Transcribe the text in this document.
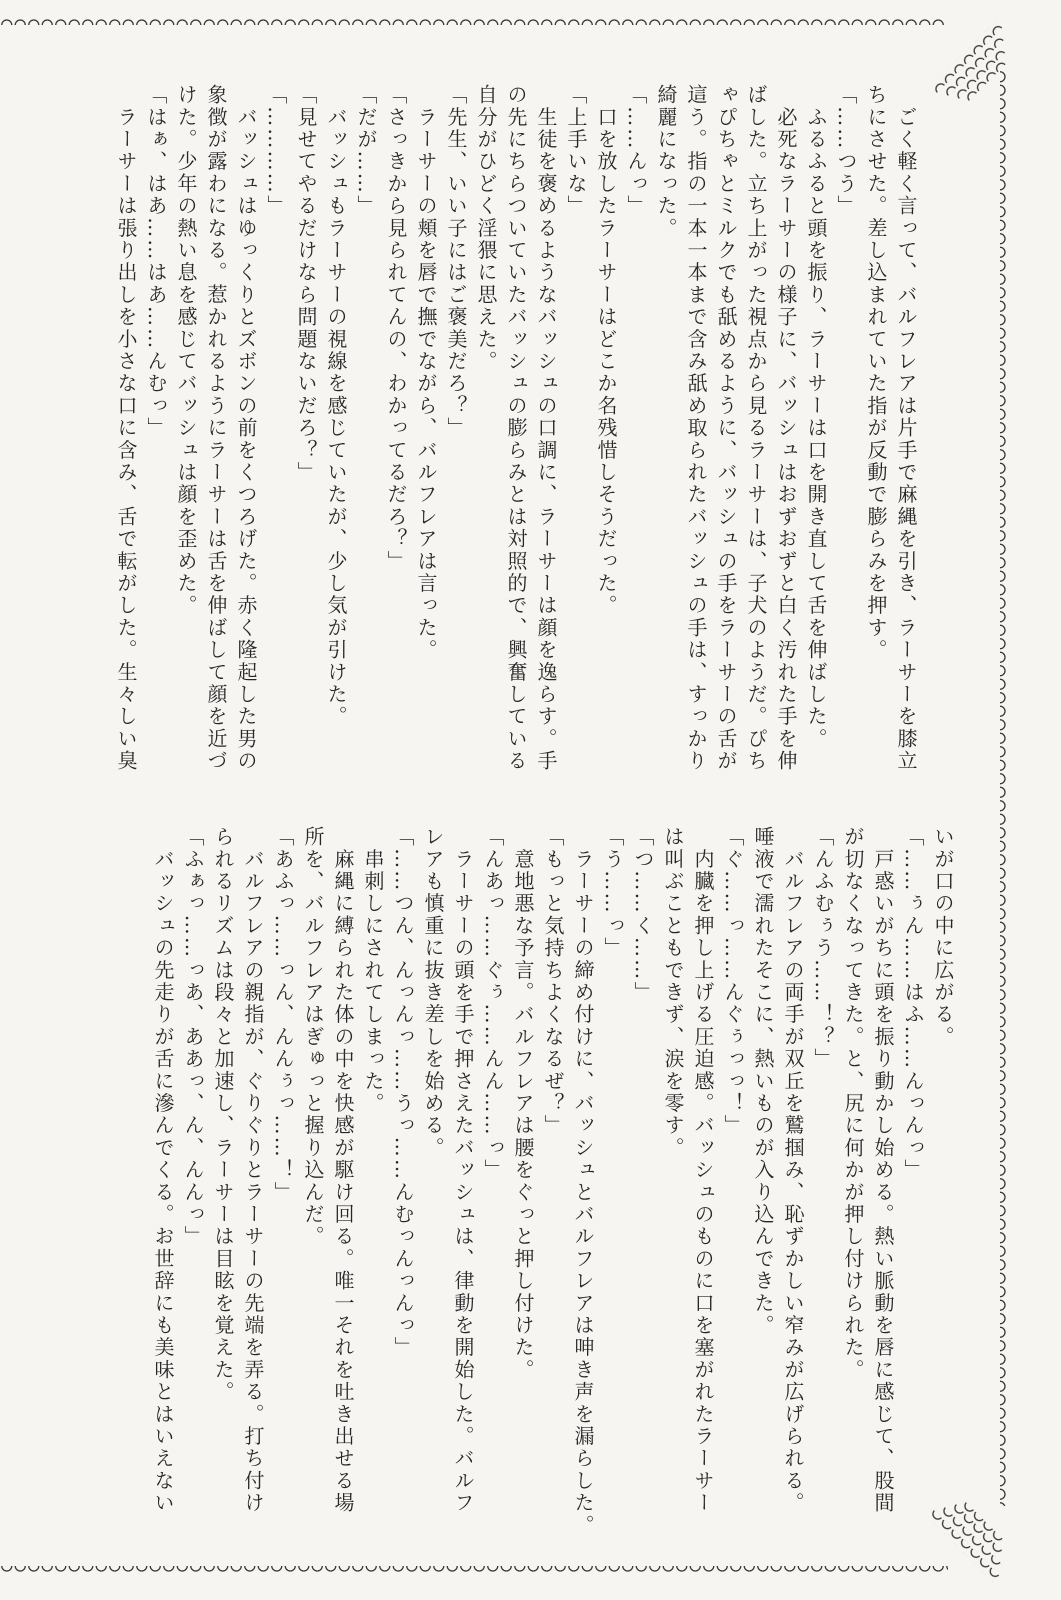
　ごく軽く言って、バルフレアは片手で麻縄を引き、ラーサーを膝立
ちにさせた。差し込まれていた指が反動で膨らみを押す。
「……つう」
　ふるふると頭を振り、ラーサーは口を開き直して舌を伸ばした。
　必死なラーサーの様子に、バッシュはおずおずと白く汚れた手を伸
ばした。立ち上がった視点から見るラーサーは、子犬のようだ。ぴち
ゃぴちゃとミルクでも舐めるように、バッシュの手をラーサーの舌が
這う。指の一本一本まで含み舐め取られたバッシュの手は、すっかり
綺麗になった。
「……んっ」
　口を放したラーサーはどこか名残惜しそうだった。
「上手いな」
　生徒を褒めるようなバッシュの口調に、ラーサーは顔を逸らす。手
の先にちらついていたバッシュの膨らみとは対照的で、興奮している
自分がひどく淫猥に思えた。
「先生、いい子にはご褒美だろ？」
　ラーサーの頬を唇で撫でながら、バルフレアは言った。
「さっきから見られてんの、わかってるだろ？」
「だが……」
　バッシュもラーサーの視線を感じていたが、少し気が引けた。
「見せてやるだけなら問題ないだろ？」
「…………」
　バッシュはゆっくりとズボンの前をくつろげた。赤く隆起した男の
象徴が露わになる。惹かれるようにラーサーは舌を伸ばして顔を近づ
けた。少年の熱い息を感じてバッシュは顔を歪めた。
「はぁ、はあ……はあ……んむっ」
　ラーサーは張り出しを小さな口に含み、舌で転がした。生々しい臭
いが口の中に広がる。
「……ぅん……はふ……んっんっ」
　戸惑いがちに頭を振り動かし始める。熱い脈動を唇に感じて、股間
が切なくなってきた。と、尻に何かが押し付けられた。
「んふむぅう……！？」
　バルフレアの両手が双丘を鷲掴み、恥ずかしい窄みが広げられる。
唾液で濡れたそこに、熱いものが入り込んできた。
「ぐ……っ……んぐぅっっ！」
　内臓を押し上げる圧迫感。バッシュのものに口を塞がれたラーサー
は叫ぶこともできず、涙を零す。
「つ……く……」
「う……っ」
　ラーサーの締め付けに、バッシュとバルフレアは呻き声を漏らした。
「もっと気持ちよくなるぜ？」
　意地悪な予言。バルフレアは腰をぐっと押し付けた。
「んあっ……ぐぅ……んん……っ」
　ラーサーの頭を手で押さえたバッシュは、律動を開始した。バルフ
レアも慎重に抜き差しを始める。
「……つん、んっんっ……うっ……んむっんっんっ」
　串刺しにされてしまった。
　麻縄に縛られた体の中を快感が駆け回る。唯一それを吐き出せる場
所を、バルフレアはぎゅっと握り込んだ。
「あふっ……っん、んんぅっ……！」
　バルフレアの親指が、ぐりぐりとラーサーの先端を弄る。打ち付け
られるリズムは段々と加速し、ラーサーは目眩を覚えた。
「ふぁっ……っあ、ああっ、ん、んんっ」
　バッシュの先走りが舌に滲んでくる。お世辞にも美味とはいえない
